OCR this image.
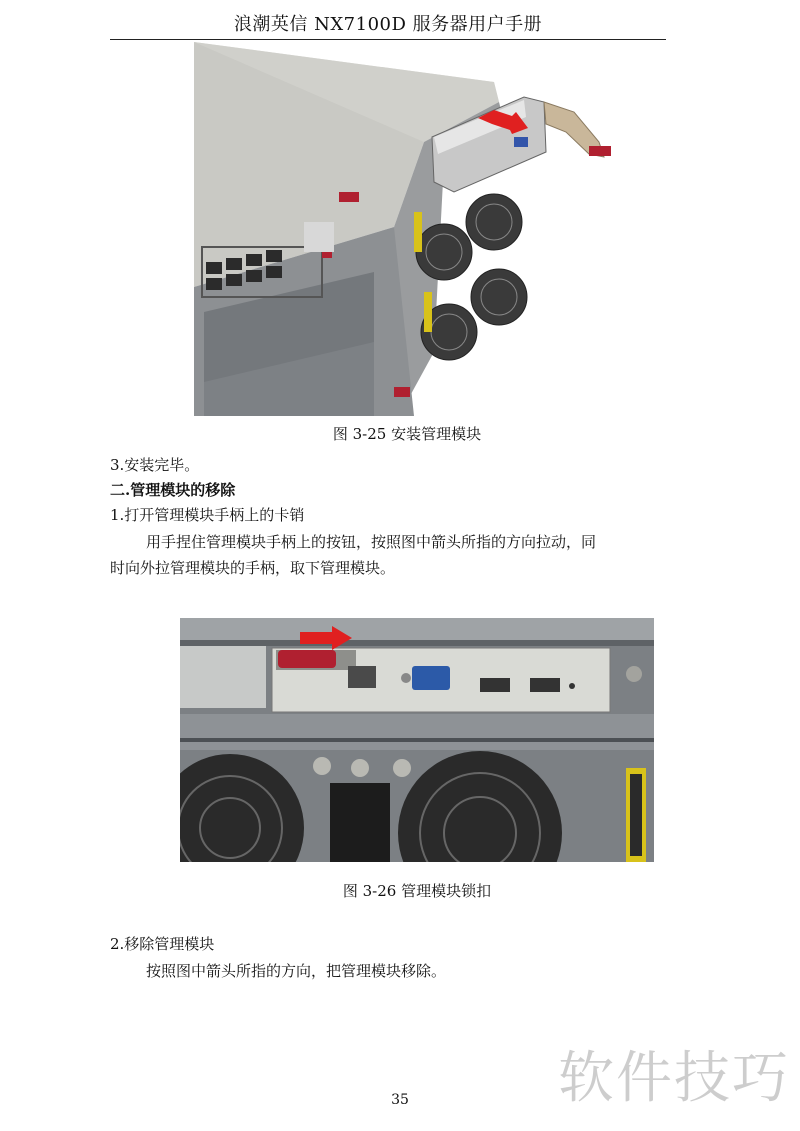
浪潮英信 NX7100D 服务器用户手册
图 3-25 安装管理模块
3.安装完毕。
二.管理模块的移除
1.打开管理模块手柄上的卡销
用手捏住管理模块手柄上的按钮，按照图中箭头所指的方向拉动，同
时向外拉管理模块的手柄，取下管理模块。
图 3-26 管理模块锁扣
2.移除管理模块
按照图中箭头所指的方向，把管理模块移除。
35	软件技巧
